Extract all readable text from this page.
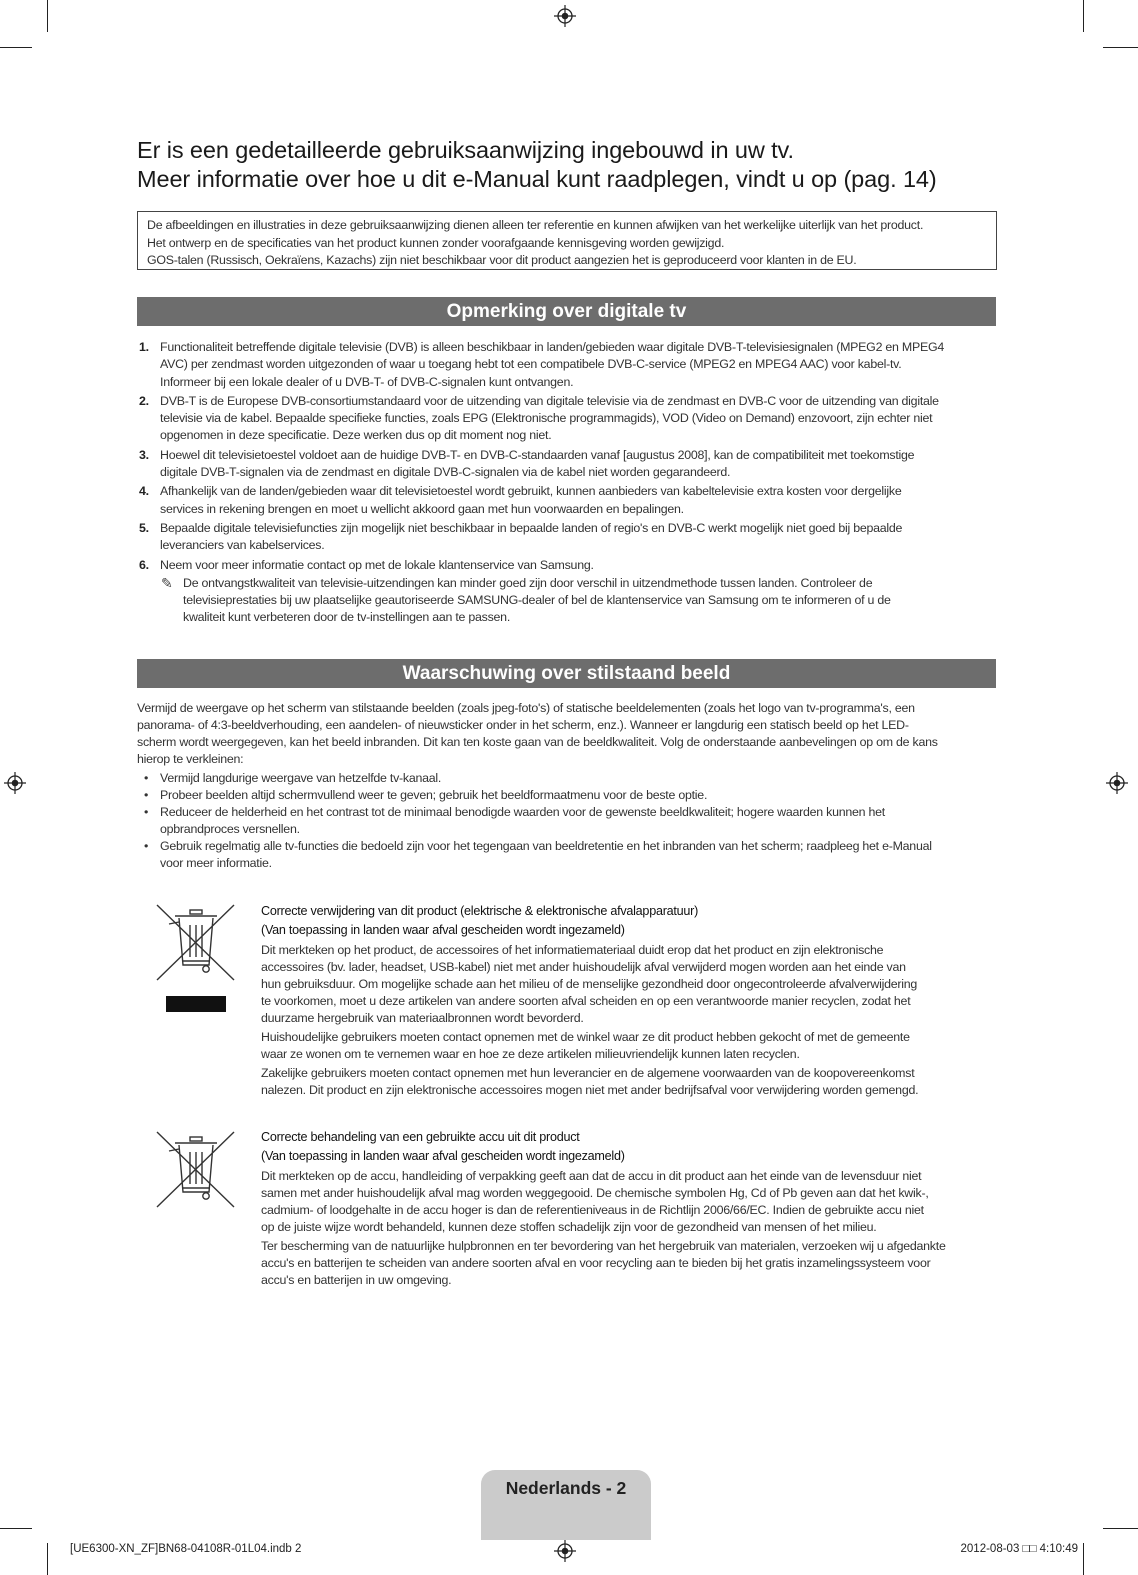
Er is een gedetailleerde gebruiksaanwijzing ingebouwd in uw tv.
Meer informatie over hoe u dit e-Manual kunt raadplegen, vindt u op (pag. 14)
De afbeeldingen en illustraties in deze gebruiksaanwijzing dienen alleen ter referentie en kunnen afwijken van het werkelijke uiterlijk van het product.
Het ontwerp en de specificaties van het product kunnen zonder voorafgaande kennisgeving worden gewijzigd.
GOS-talen (Russisch, Oekraïens, Kazachs) zijn niet beschikbaar voor dit product aangezien het is geproduceerd voor klanten in de EU.
Opmerking over digitale tv
1. Functionaliteit betreffende digitale televisie (DVB) is alleen beschikbaar in landen/gebieden waar digitale DVB-T-televisiesignalen (MPEG2 en MPEG4
AVC) per zendmast worden uitgezonden of waar u toegang hebt tot een compatibele DVB-C-service (MPEG2 en MPEG4 AAC) voor kabel-tv.
Informeer bij een lokale dealer of u DVB-T- of DVB-C-signalen kunt ontvangen.
2. DVB-T is de Europese DVB-consortiumstandaard voor de uitzending van digitale televisie via de zendmast en DVB-C voor de uitzending van digitale
televisie via de kabel. Bepaalde specifieke functies, zoals EPG (Elektronische programmagids), VOD (Video on Demand) enzovoort, zijn echter niet
opgenomen in deze specificatie. Deze werken dus op dit moment nog niet.
3. Hoewel dit televisietoestel voldoet aan de huidige DVB-T- en DVB-C-standaarden vanaf [augustus 2008], kan de compatibiliteit met toekomstige
digitale DVB-T-signalen via de zendmast en digitale DVB-C-signalen via de kabel niet worden gegarandeerd.
4. Afhankelijk van de landen/gebieden waar dit televisietoestel wordt gebruikt, kunnen aanbieders van kabeltelevisie extra kosten voor dergelijke
services in rekening brengen en moet u wellicht akkoord gaan met hun voorwaarden en bepalingen.
5. Bepaalde digitale televisiefuncties zijn mogelijk niet beschikbaar in bepaalde landen of regio's en DVB-C werkt mogelijk niet goed bij bepaalde
leveranciers van kabelservices.
6. Neem voor meer informatie contact op met de lokale klantenservice van Samsung.
✎ De ontvangstkwaliteit van televisie-uitzendingen kan minder goed zijn door verschil in uitzendmethode tussen landen. Controleer de
televisieprestaties bij uw plaatselijke geautoriseerde SAMSUNG-dealer of bel de klantenservice van Samsung om te informeren of u de
kwaliteit kunt verbeteren door de tv-instellingen aan te passen.
Waarschuwing over stilstaand beeld
Vermijd de weergave op het scherm van stilstaande beelden (zoals jpeg-foto's) of statische beeldelementen (zoals het logo van tv-programma's, een
panorama- of 4:3-beeldverhouding, een aandelen- of nieuwsticker onder in het scherm, enz.). Wanneer er langdurig een statisch beeld op het LED-
scherm wordt weergegeven, kan het beeld inbranden. Dit kan ten koste gaan van de beeldkwaliteit. Volg de onderstaande aanbevelingen op om de kans
hierop te verkleinen:
• Vermijd langdurige weergave van hetzelfde tv-kanaal.
• Probeer beelden altijd schermvullend weer te geven; gebruik het beeldformaatmenu voor de beste optie.
• Reduceer de helderheid en het contrast tot de minimaal benodigde waarden voor de gewenste beeldkwaliteit; hogere waarden kunnen het
opbrandproces versnellen.
• Gebruik regelmatig alle tv-functies die bedoeld zijn voor het tegengaan van beeldretentie en het inbranden van het scherm; raadpleeg het e-Manual
voor meer informatie.
Correcte verwijdering van dit product (elektrische & elektronische afvalapparatuur)
(Van toepassing in landen waar afval gescheiden wordt ingezameld)
Dit merkteken op het product, de accessoires of het informatiemateriaal duidt erop dat het product en zijn elektronische
accessoires (bv. lader, headset, USB-kabel) niet met ander huishoudelijk afval verwijderd mogen worden aan het einde van
hun gebruiksduur. Om mogelijke schade aan het milieu of de menselijke gezondheid door ongecontroleerde afvalverwijdering
te voorkomen, moet u deze artikelen van andere soorten afval scheiden en op een verantwoorde manier recyclen, zodat het
duurzame hergebruik van materiaalbronnen wordt bevorderd.
Huishoudelijke gebruikers moeten contact opnemen met de winkel waar ze dit product hebben gekocht of met de gemeente
waar ze wonen om te vernemen waar en hoe ze deze artikelen milieuvriendelijk kunnen laten recyclen.
Zakelijke gebruikers moeten contact opnemen met hun leverancier en de algemene voorwaarden van de koopovereenkomst
nalezen. Dit product en zijn elektronische accessoires mogen niet met ander bedrijfsafval voor verwijdering worden gemengd.
Correcte behandeling van een gebruikte accu uit dit product
(Van toepassing in landen waar afval gescheiden wordt ingezameld)
Dit merkteken op de accu, handleiding of verpakking geeft aan dat de accu in dit product aan het einde van de levensduur niet
samen met ander huishoudelijk afval mag worden weggegooid. De chemische symbolen Hg, Cd of Pb geven aan dat het kwik-,
cadmium- of loodgehalte in de accu hoger is dan de referentieniveaus in de Richtlijn 2006/66/EC. Indien de gebruikte accu niet
op de juiste wijze wordt behandeld, kunnen deze stoffen schadelijk zijn voor de gezondheid van mensen of het milieu.
Ter bescherming van de natuurlijke hulpbronnen en ter bevordering van het hergebruik van materialen, verzoeken wij u afgedankte
accu's en batterijen te scheiden van andere soorten afval en voor recycling aan te bieden bij het gratis inzamelingssysteem voor
accu's en batterijen in uw omgeving.
Nederlands - 2
[UE6300-XN_ZF]BN68-04108R-01L04.indb 2	2012-08-03 □□ 4:10:49
